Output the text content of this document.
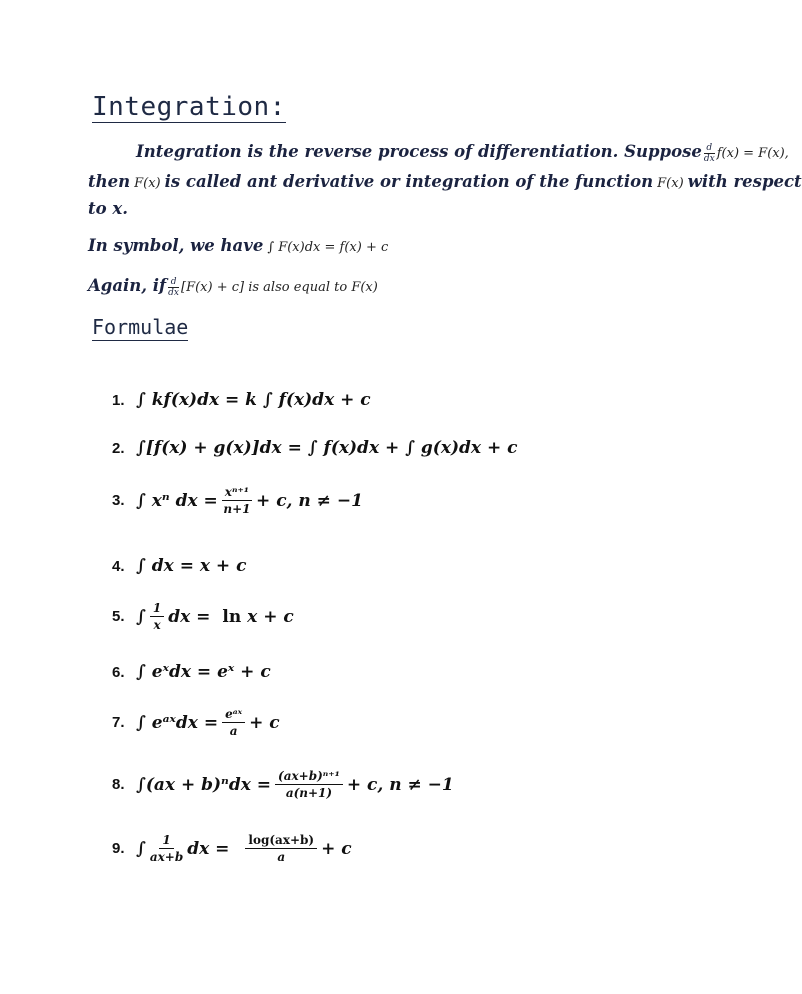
Integration:
Integration is the reverse process of differentiation. Suppose $\frac{d}{dx} f(x) = F(x)$,
then F(x) is called ant derivative or integration of the function F(x) with respect
to x.
In symbol, we have ∫ F(x)dx = f(x) + c
Again, if $\frac{d}{dx} [F(x) + c]$ is also equal to F(x)
Formulae
1. ∫ kf(x)dx = k ∫ f(x)dx + c
2. ∫[f(x) + g(x)]dx = ∫ f(x)dx + ∫ g(x)dx + c
3. ∫ xⁿ dx = $\frac{\text{xⁿ⁺¹}}{n+1} + c$, n ≠ −1
4. ∫ dx = x + c
5. ∫ $\frac{1}{x}$ dx = ln
x + c
6. ∫ eˣdx = eˣ + c
7. ∫ eᵃˣdx = $\frac{\text{eᵃˣ}}{a} + c$
8. $\int(ax + b)^ndx = \frac{\text{(ax+b)ⁿ⁺¹}}{a(n+1)} + c$, n ≠ −1
9. ∫ $\frac{1}{ax+b}$ dx = $\frac{\log(ax+b)}{a} + c$
